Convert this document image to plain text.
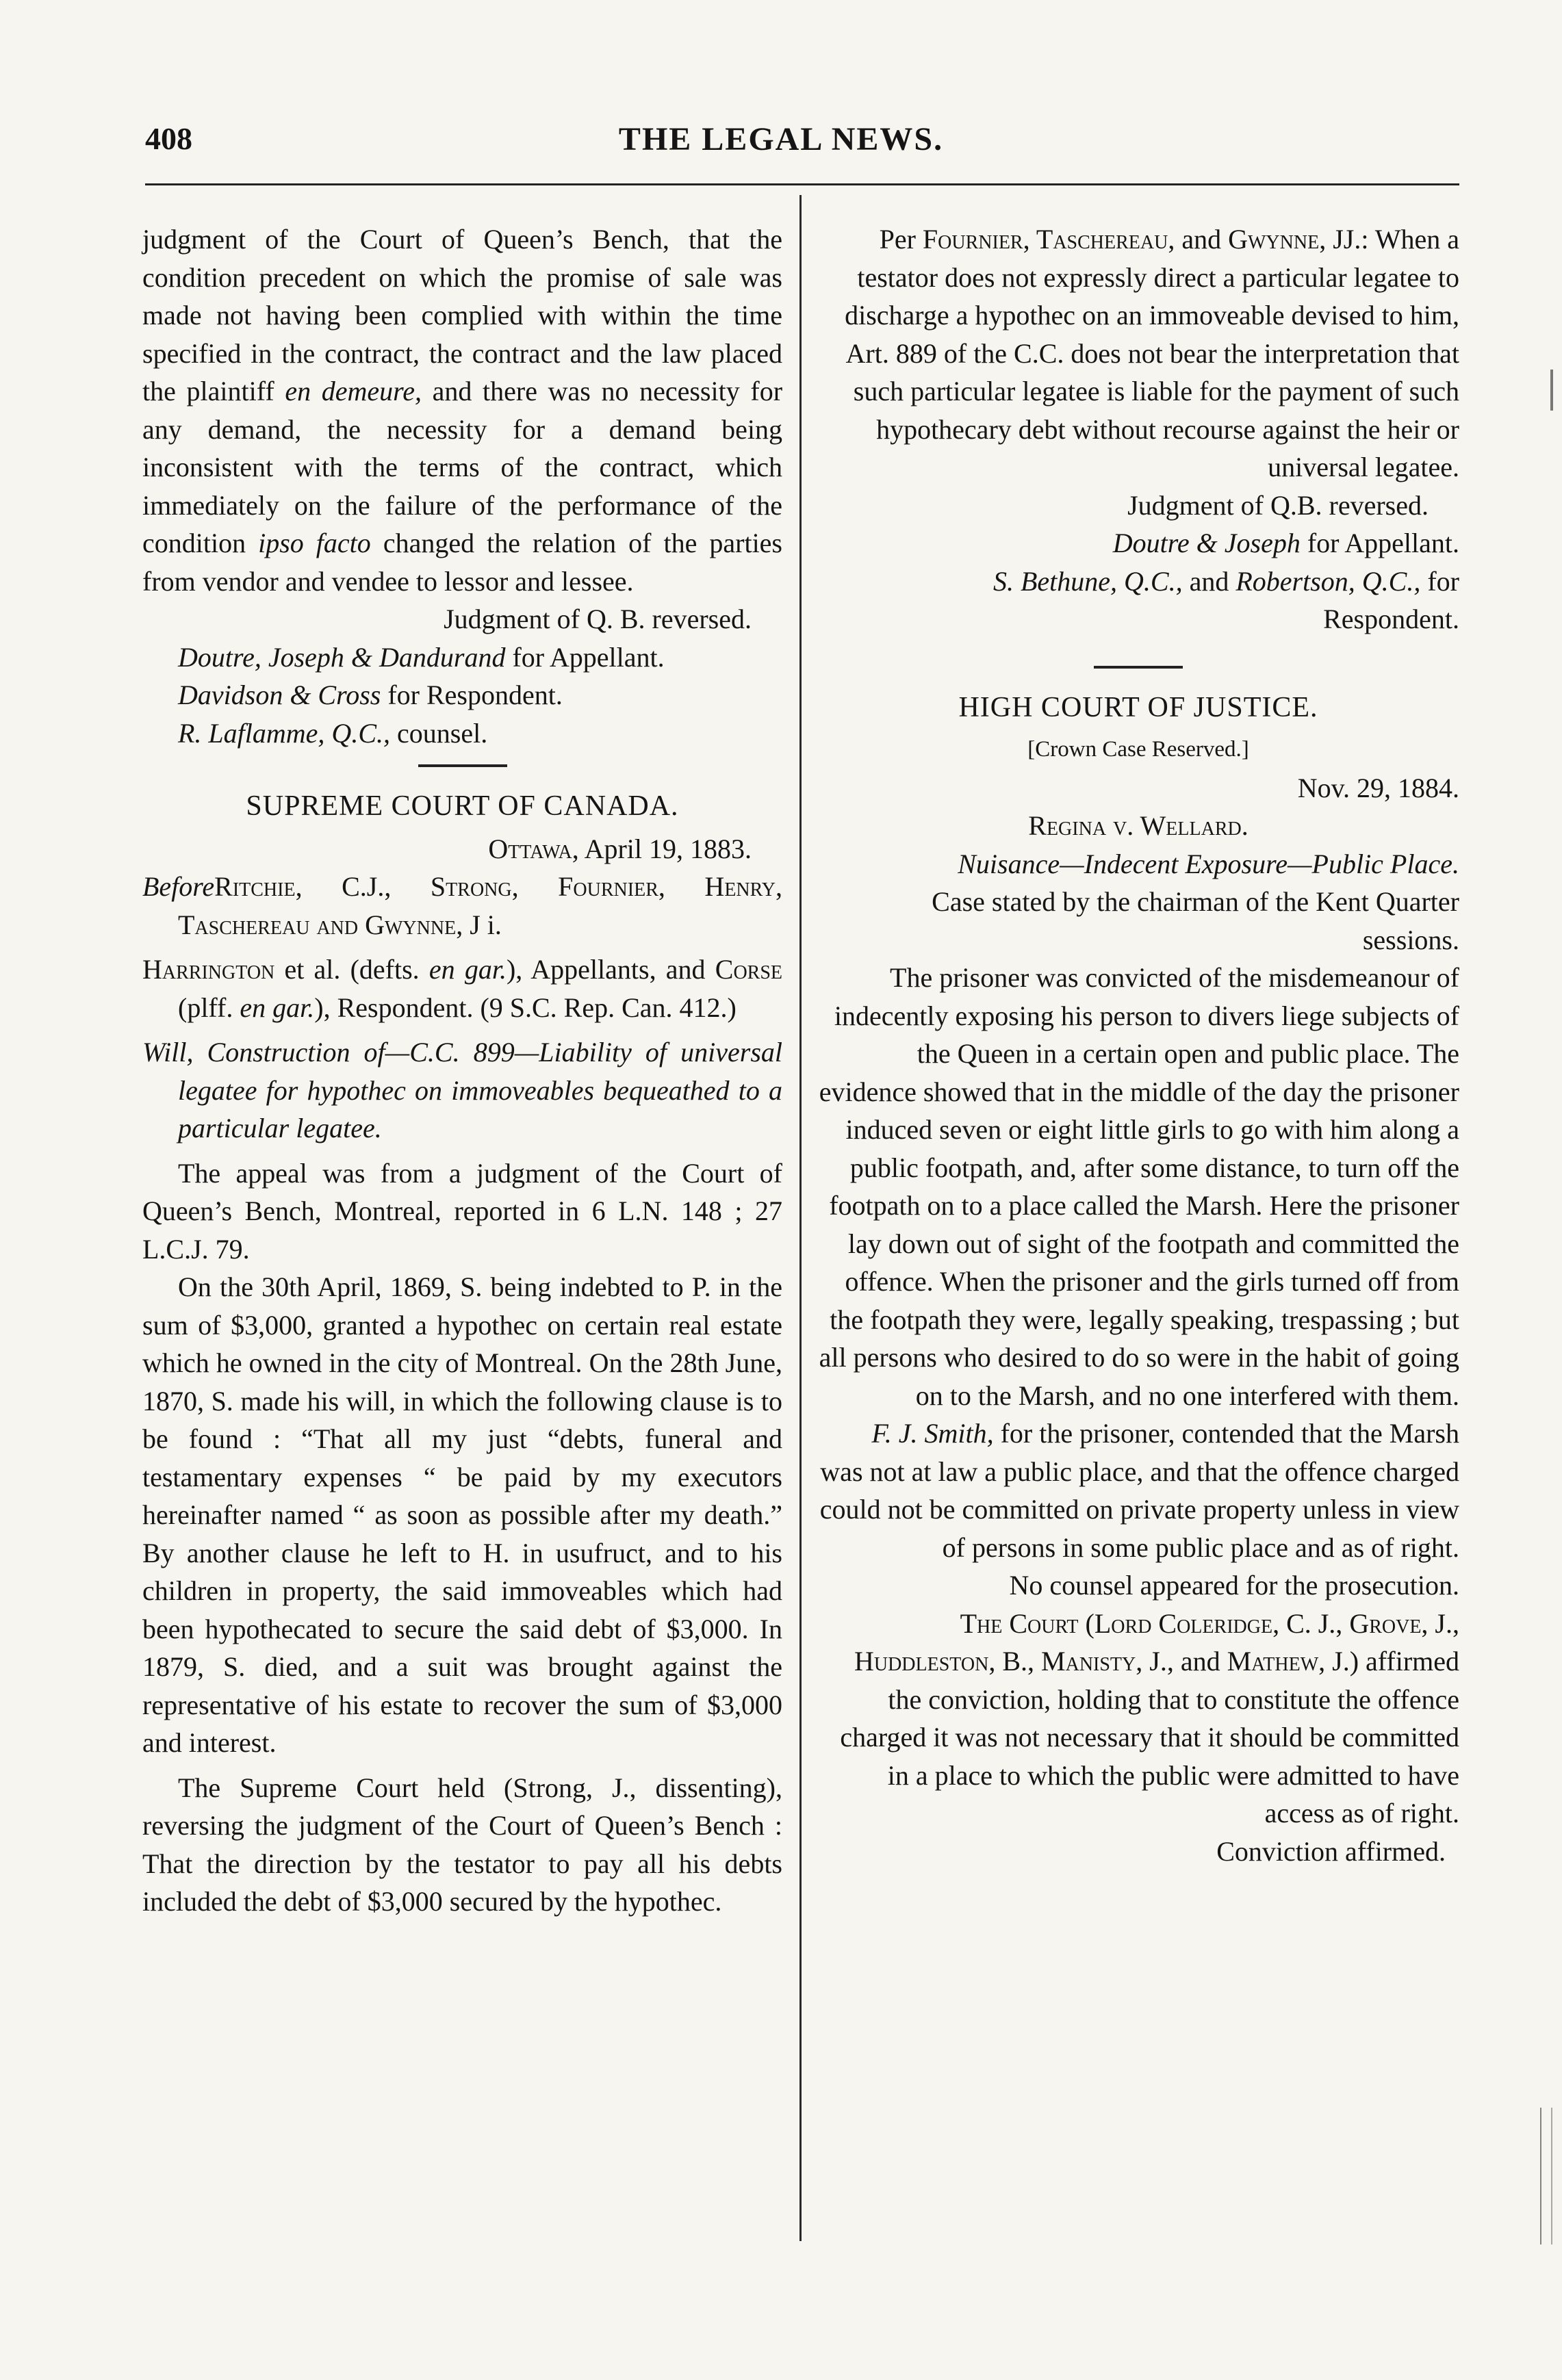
408	THE LEGAL NEWS.

judgment of the Court of Queen’s Bench, that the condition precedent on which the promise of sale was made not having been complied with within the time specified in the contract, the contract and the law placed the plaintiff en demeure, and there was no necessity for any demand, the necessity for a demand being inconsistent with the terms of the contract, which immediately on the failure of the performance of the condition ipso facto changed the relation of the parties from vendor and vendee to lessor and lessee.

Judgment of Q. B. reversed.

Doutre, Joseph & Dandurand for Appellant.

Davidson & Cross for Respondent.

R. Laflamme, Q.C., counsel.

SUPREME COURT OF CANADA.

Ottawa, April 19, 1883.

BeforeRitchie, C.J., Strong, Fournier, Henry, Taschereau and Gwynne, J i.

Harrington et al. (defts. en gar.), Appellants, and Corse (plff. en gar.), Respondent. (9 S.C. Rep. Can. 412.)

Will, Construction of—C.C. 899—Liability of universal legatee for hypothec on immoveables bequeathed to a particular legatee.

The appeal was from a judgment of the Court of Queen’s Bench, Montreal, reported in 6 L.N. 148 ; 27 L.C.J. 79.

On the 30th April, 1869, S. being indebted to P. in the sum of $3,000, granted a hypothec on certain real estate which he owned in the city of Montreal. On the 28th June, 1870, S. made his will, in which the following clause is to be found : “That all my just “debts, funeral and testamentary expenses “ be paid by my executors hereinafter named “ as soon as possible after my death.” By another clause he left to H. in usufruct, and to his children in property, the said immoveables which had been hypothecated to secure the said debt of $3,000. In 1879, S. died, and a suit was brought against the representative of his estate to recover the sum of $3,000 and interest.

The Supreme Court held (Strong, J., dissenting), reversing the judgment of the Court of Queen’s Bench : That the direction by the testator to pay all his debts included the debt of $3,000 secured by the hypothec.

Per Fournier, Taschereau, and Gwynne, JJ.: When a testator does not expressly direct a particular legatee to discharge a hypothec on an immoveable devised to him, Art. 889 of the C.C. does not bear the interpretation that such particular legatee is liable for the payment of such hypothecary debt without recourse against the heir or universal legatee.

Judgment of Q.B. reversed.

Doutre & Joseph for Appellant.

S. Bethune, Q.C., and Robertson, Q.C., for Respondent.

HIGH COURT OF JUSTICE.

[Crown Case Reserved.]

Nov. 29, 1884.

Regina v. Wellard.

Nuisance—Indecent Exposure—Public Place.

Case stated by the chairman of the Kent Quarter sessions.

The prisoner was convicted of the misdemeanour of indecently exposing his person to divers liege subjects of the Queen in a certain open and public place. The evidence showed that in the middle of the day the prisoner induced seven or eight little girls to go with him along a public footpath, and, after some distance, to turn off the footpath on to a place called the Marsh. Here the prisoner lay down out of sight of the footpath and committed the offence. When the prisoner and the girls turned off from the footpath they were, legally speaking, trespassing ; but all persons who desired to do so were in the habit of going on to the Marsh, and no one interfered with them.

F. J. Smith, for the prisoner, contended that the Marsh was not at law a public place, and that the offence charged could not be committed on private property unless in view of persons in some public place and as of right.

No counsel appeared for the prosecution.

The Court (Lord Coleridge, C. J., Grove, J., Huddleston, B., Manisty, J., and Mathew, J.) affirmed the conviction, holding that to constitute the offence charged it was not necessary that it should be committed in a place to which the public were admitted to have access as of right.

Conviction affirmed.
